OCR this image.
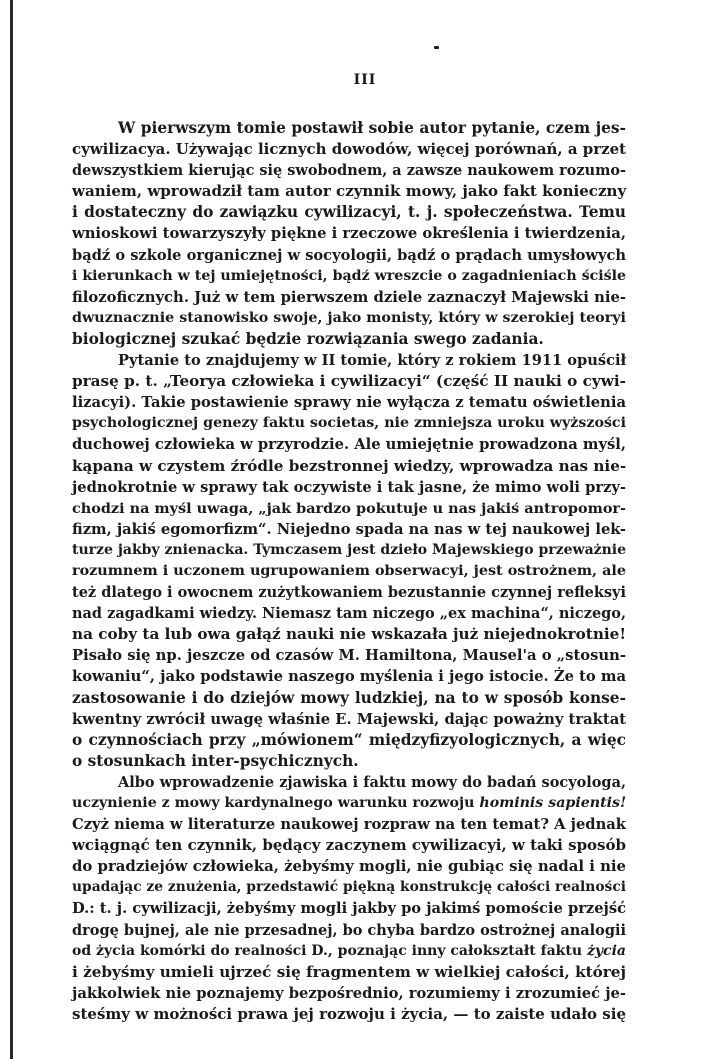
III
W pierwszym tomie postawił sobie autor pytanie, czem jes-
cywilizacya. Używając licznych dowodów, więcej porównań, a przet
dewszystkiem kierując się swobodnem, a zawsze naukowem rozumo-
waniem, wprowadził tam autor czynnik mowy, jako fakt konieczny
i dostateczny do zawiązku cywilizacyi, t. j. społeczeństwa. Temu
wnioskowi towarzyszyły piękne i rzeczowe określenia i twierdzenia,
bądź o szkole organicznej w socyologii, bądź o prądach umysłowych
i kierunkach w tej umiejętności, bądź wreszcie o zagadnieniach ściśle
filozoficznych. Już w tem pierwszem dziele zaznaczył Majewski nie-
dwuznacznie stanowisko swoje, jako monisty, który w szerokiej teoryi
biologicznej szukać będzie rozwiązania swego zadania.
Pytanie to znajdujemy w II tomie, który z rokiem 1911 opuścił
prasę p. t. „Teorya człowieka i cywilizacyi“ (część II nauki o cywi-
lizacyi). Takie postawienie sprawy nie wyłącza z tematu oświetlenia
psychologicznej genezy faktu societas, nie zmniejsza uroku wyższości
duchowej człowieka w przyrodzie. Ale umiejętnie prowadzona myśl,
kąpana w czystem źródle bezstronnej wiedzy, wprowadza nas nie-
jednokrotnie w sprawy tak oczywiste i tak jasne, że mimo woli przy-
chodzi na myśl uwaga, „jak bardzo pokutuje u nas jakiś antropomor-
fizm, jakiś egomorfizm“. Niejedno spada na nas w tej naukowej lek-
turze jakby znienacka. Tymczasem jest dzieło Majewskiego przeważnie
rozumnem i uczonem ugrupowaniem obserwacyi, jest ostrożnem, ale
też dlatego i owocnem zużytkowaniem bezustannie czynnej refleksyi
nad zagadkami wiedzy. Niemasz tam niczego „ex machina“, niczego,
na coby ta lub owa gałąź nauki nie wskazała już niejednokrotnie!
Pisało się np. jeszcze od czasów M. Hamiltona, Mausel'a o „stosun-
kowaniu“, jako podstawie naszego myślenia i jego istocie. Że to ma
zastosowanie i do dziejów mowy ludzkiej, na to w sposób konse-
kwentny zwrócił uwagę właśnie E. Majewski, dając poważny traktat
o czynnościach przy „mówionem“ międzyfizyologicznych, a więc
o stosunkach inter-psychicznych.
Albo wprowadzenie zjawiska i faktu mowy do badań socyologa,
uczynienie z mowy kardynalnego warunku rozwoju hominis sapientis!
Czyż niema w literaturze naukowej rozpraw na ten temat? A jednak
wciągnąć ten czynnik, będący zaczynem cywilizacyi, w taki sposób
do pradziejów człowieka, żebyśmy mogli, nie gubiąc się nadal i nie
upadając ze znużenia, przedstawić piękną konstrukcję całości realności
D.: t. j. cywilizacji, żebyśmy mogli jakby po jakimś pomoście przejść
drogę bujnej, ale nie przesadnej, bo chyba bardzo ostrożnej analogii
od życia komórki do realności D., poznając inny całokształt faktu życia
i żebyśmy umieli ujrzeć się fragmentem w wielkiej całości, której
jakkolwiek nie poznajemy bezpośrednio, rozumiemy i zrozumieć je-
steśmy w możności prawa jej rozwoju i życia, — to zaiste udało się
